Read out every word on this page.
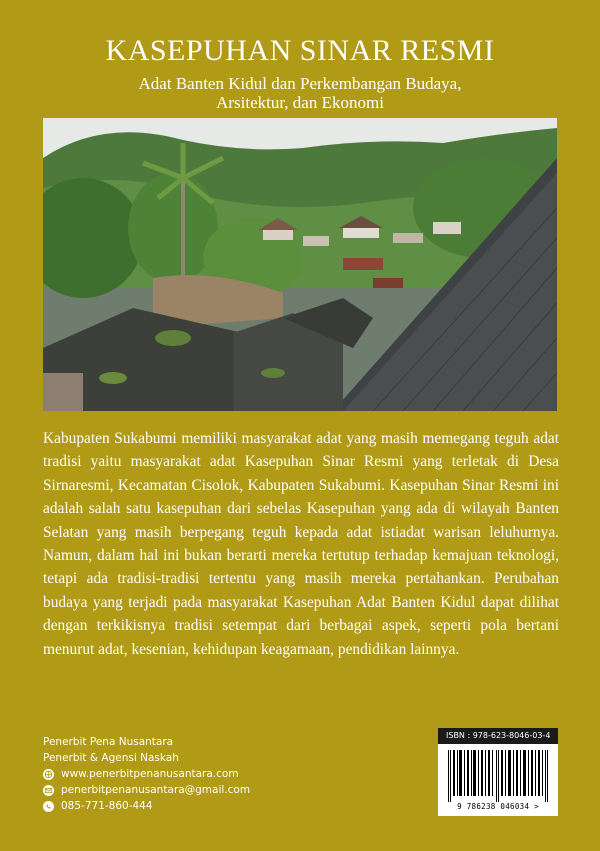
KASEPUHAN SINAR RESMI
Adat Banten Kidul dan Perkembangan Budaya,
Arsitektur, dan Ekonomi
Kabupaten Sukabumi memiliki masyarakat adat yang masih memegang teguh adat tradisi yaitu masyarakat adat Kasepuhan Sinar Resmi yang terletak di Desa Sirnaresmi, Kecamatan Cisolok, Kabupaten Sukabumi. Kasepuhan Sinar Resmi ini adalah salah satu kasepuhan dari sebelas Kasepuhan yang ada di wilayah Banten Selatan yang masih berpegang teguh kepada adat istiadat warisan leluhurnya. Namun, dalam hal ini bukan berarti mereka tertutup terhadap kemajuan teknologi, tetapi ada tradisi-tradisi tertentu yang masih mereka pertahankan. Perubahan budaya yang terjadi pada masyarakat Kasepuhan Adat Banten Kidul dapat dilihat dengan terkikisnya tradisi setempat dari berbagai aspek, seperti pola bertani menurut adat, kesenian, kehidupan keagamaan, pendidikan lainnya.
Penerbit Pena Nusantara
Penerbit & Agensi Naskah
www.penerbitpenanusantara.com
penerbitpenanusantara@gmail.com
085-771-860-444
ISBN : 978-623-8046-03-4
9 786238 046034 >
